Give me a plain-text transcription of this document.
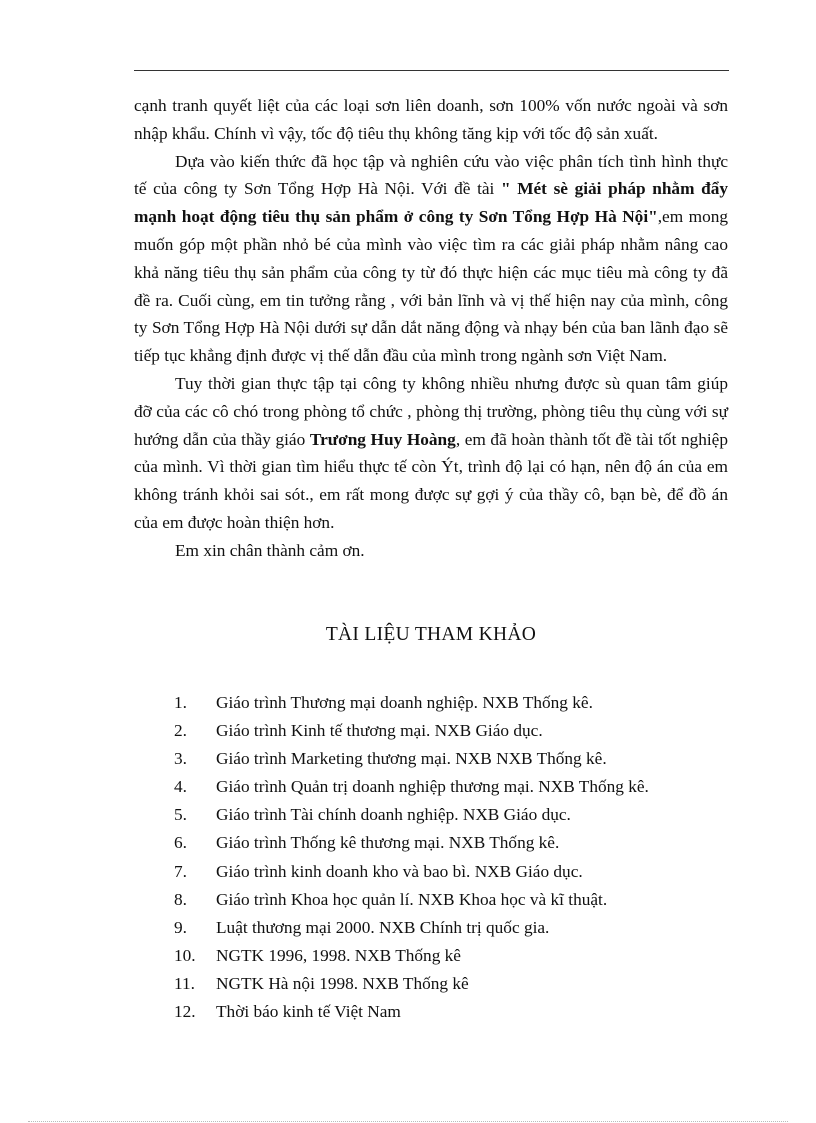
cạnh tranh quyết liệt của các loại sơn liên doanh, sơn 100% vốn nước ngoài và sơn nhập khẩu. Chính vì vậy, tốc độ tiêu thụ không tăng kịp với tốc độ sản xuất.

Dựa vào kiến thức đã học tập và nghiên cứu vào việc phân tích tình hình thực tế của công ty Sơn Tổng Hợp Hà Nội. Với đề tài " Mét sè giải pháp nhằm đẩy mạnh hoạt động tiêu thụ sản phẩm ở công ty Sơn Tổng Hợp Hà Nội",em mong muốn góp một phần nhỏ bé của mình vào việc tìm ra các giải pháp nhằm nâng cao khả năng tiêu thụ sản phẩm của công ty từ đó thực hiện các mục tiêu mà công ty đã đề ra. Cuối cùng, em tin tưởng rằng , với bản lĩnh và vị thế hiện nay của mình, công ty Sơn Tổng Hợp Hà Nội dưới sự dẫn dắt năng động và nhạy bén của ban lãnh đạo sẽ tiếp tục khẳng định được vị thế dẫn đầu của mình trong ngành sơn Việt Nam.

Tuy thời gian thực tập tại công ty không nhiều nhưng được sù quan tâm giúp đỡ của các cô chó trong phòng tổ chức , phòng thị trường, phòng tiêu thụ cùng với sự hướng dẫn của thầy giáo Trương Huy Hoàng, em đã hoàn thành tốt đề tài tốt nghiệp của mình. Vì thời gian tìm hiểu thực tế còn Ýt, trình độ lại có hạn, nên độ án của em không tránh khỏi sai sót., em rất mong được sự gợi ý của thầy cô, bạn bè, để đồ án của em được hoàn thiện hơn.

Em xin chân thành cảm ơn.

TÀI LIỆU THAM KHẢO
1.	Giáo trình Thương mại doanh nghiệp. NXB Thống kê.
2.	Giáo trình Kinh tế thương mại. NXB Giáo dục.
3.	Giáo trình Marketing thương mại. NXB NXB Thống kê.
4.	Giáo trình Quản trị doanh nghiệp thương mại. NXB Thống kê.
5.	Giáo trình Tài chính doanh nghiệp. NXB Giáo dục.
6.	Giáo trình Thống kê thương mại. NXB Thống kê.
7.	Giáo trình kinh doanh kho và bao bì. NXB Giáo dục.
8.	Giáo trình Khoa học quản lí. NXB Khoa học và kĩ thuật.
9.	Luật thương mại 2000. NXB Chính trị quốc gia.
10.	NGTK 1996, 1998. NXB Thống kê
11.	NGTK Hà nội 1998. NXB Thống kê
12.	Thời báo kinh tế Việt Nam
